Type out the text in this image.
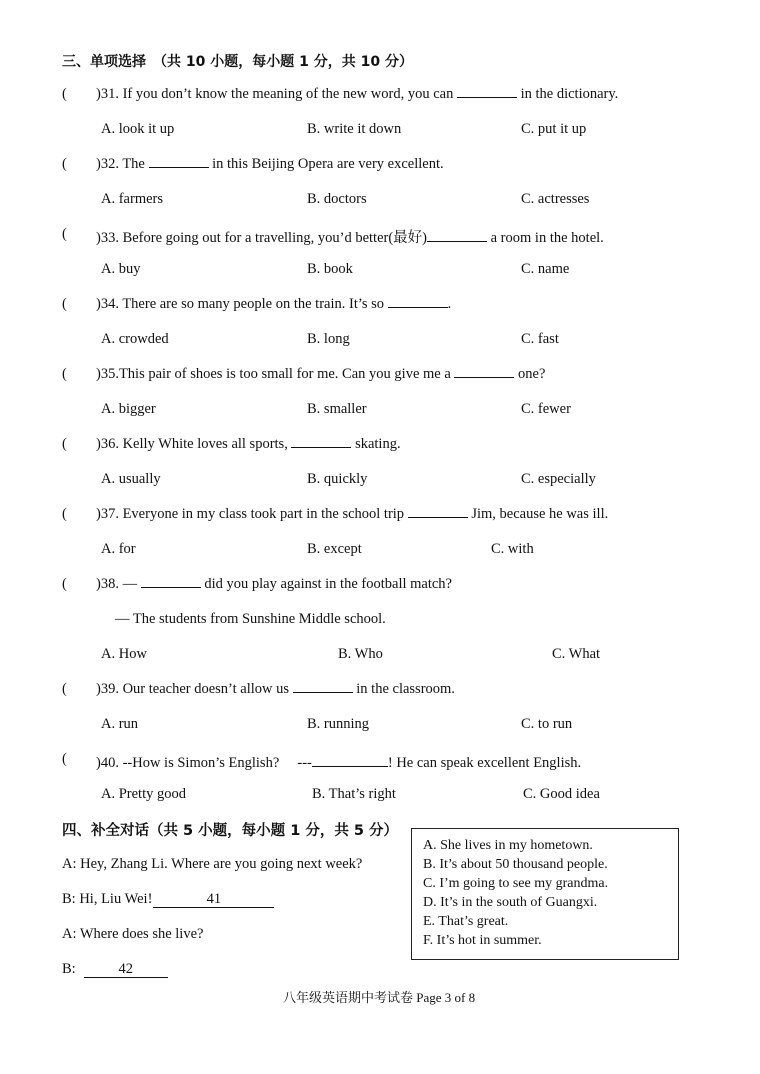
三、单项选择　（共 10 小题，每小题 1 分，共 10 分）
( )31. If you don’t know the meaning of the new word, you can	in the dictionary.
A. look it up	B. write it down	C. put it up
( )32. The	in this Beijing Opera are very excellent.
A. farmers	B. doctors	C. actresses
( )33. Before going out for a travelling, you’d better(最好)	a room in the hotel.
A. buy	B. book	C. name
( )34. There are so many people on the train. It’s so	.
A. crowded	B. long	C. fast
( )35.This pair of shoes is too small for me. Can you give me a	one?
A. bigger	B. smaller	C. fewer
( )36. Kelly White loves all sports,	skating.
A. usually	B. quickly	C. especially
( )37. Everyone in my class took part in the school trip	Jim, because he was ill.
A. for	B. except	C. with
( )38. —	did you play against in the football match?
— The students from Sunshine Middle school.
A. How	B. Who	C. What
( )39. Our teacher doesn’t allow us	in the classroom.
A. run	B. running	C. to run
( )40. --How is Simon’s English?　 ---	! He can speak excellent English.
A. Pretty good	B. That’s right	C. Good idea
四、补全对话（共 5 小题，每小题 1 分，共 5 分）
A: Hey, Zhang Li. Where are you going next week?
B: Hi, Liu Wei!	41
A: Where does she live?
B:	42
A. She lives in my hometown.
B. It’s about 50 thousand people.
C. I’m going to see my grandma.
D. It’s in the south of Guangxi.
E. That’s great.
F. It’s hot in summer.
八年级英语期中考试卷 Page 3 of 8
